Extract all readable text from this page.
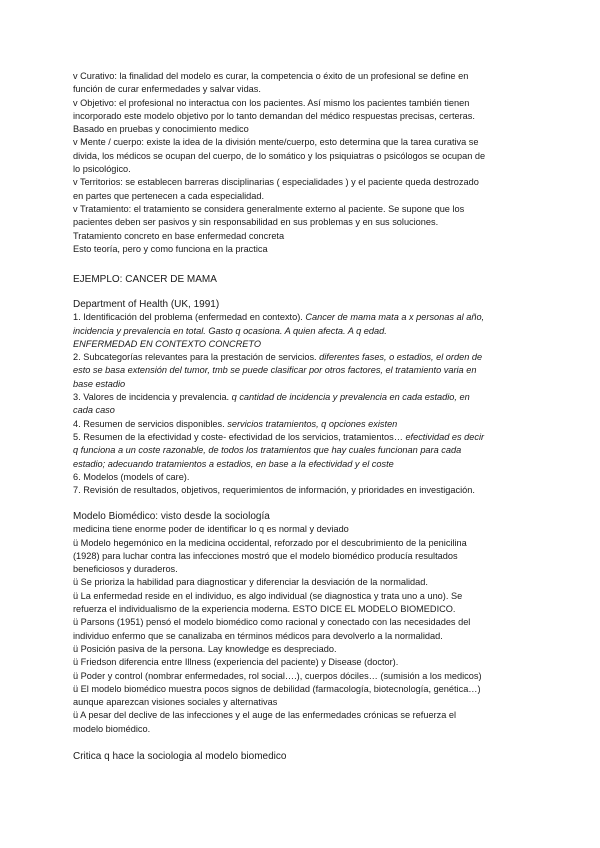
v Curativo: la finalidad del modelo es curar, la competencia o éxito de un profesional se define en
función de curar enfermedades y salvar vidas.
v Objetivo: el profesional no interactua con los pacientes. Así mismo los pacientes también tienen
incorporado este modelo objetivo por lo tanto demandan del médico respuestas precisas, certeras.
Basado en pruebas y conocimiento medico
v Mente / cuerpo: existe la idea de la división mente/cuerpo, esto determina que la tarea curativa se
divida, los médicos se ocupan del cuerpo, de lo somático y los psiquiatras o psicólogos se ocupan de
lo psicológico.
v Territorios: se establecen barreras disciplinarias ( especialidades ) y el paciente queda destrozado
en partes que pertenecen a cada especialidad.
v Tratamiento: el tratamiento se considera generalmente externo al paciente. Se supone que los
pacientes deben ser pasivos y sin responsabilidad en sus problemas y en sus soluciones.
Tratamiento concreto en base enfermedad concreta
Esto teoría, pero y como funciona en la practica
EJEMPLO: CANCER DE MAMA
Department of Health (UK, 1991)
1. Identificación del problema (enfermedad en contexto). Cancer de mama mata a x personas al año,
incidencia y prevalencia en total. Gasto q ocasiona. A quien afecta. A q edad.
ENFERMEDAD EN CONTEXTO CONCRETO
2. Subcategorías relevantes para la prestación de servicios. diferentes fases, o estadios, el orden de
esto se basa extensión del tumor, tmb se puede clasificar por otros factores, el tratamiento varia en
base estadio
3. Valores de incidencia y prevalencia. q cantidad de incidencia y prevalencia en cada estadio, en
cada caso
4. Resumen de servicios disponibles. servicios tratamientos, q opciones existen
5. Resumen de la efectividad y coste- efectividad de los servicios, tratamientos… efectividad es decir
q funciona a un coste razonable, de todos los tratamientos que hay cuales funcionan para cada
estadio; adecuando tratamientos a estadios, en base a la efectividad y el coste
6. Modelos (models of care).
7. Revisión de resultados, objetivos, requerimientos de información, y prioridades en investigación.
Modelo Biomédico: visto desde la sociología
medicina tiene enorme poder de identificar lo q es normal y deviado
ü Modelo hegemónico en la medicina occidental, reforzado por el descubrimiento de la penicilina
(1928) para luchar contra las infecciones mostró que el modelo biomédico producía resultados
beneficiosos y duraderos.
ü Se prioriza la habilidad para diagnosticar y diferenciar la desviación de la normalidad.
ü La enfermedad reside en el individuo, es algo individual (se diagnostica y trata uno a uno). Se
refuerza el individualismo de la experiencia moderna. ESTO DICE EL MODELO BIOMEDICO.
ü Parsons (1951) pensó el modelo biomédico como racional y conectado con las necesidades del
individuo enfermo que se canalizaba en términos médicos para devolverlo a la normalidad.
ü Posición pasiva de la persona. Lay knowledge es despreciado.
ü Friedson diferencia entre Illness (experiencia del paciente) y Disease (doctor).
ü Poder y control (nombrar enfermedades, rol social….), cuerpos dóciles… (sumisión a los medicos)
ü El modelo biomédico muestra pocos signos de debilidad (farmacología, biotecnología, genética…)
aunque aparezcan visiones sociales y alternativas
ü A pesar del declive de las infecciones y el auge de las enfermedades crónicas se refuerza el
modelo biomédico.
Critica q hace la sociologia al modelo biomedico
